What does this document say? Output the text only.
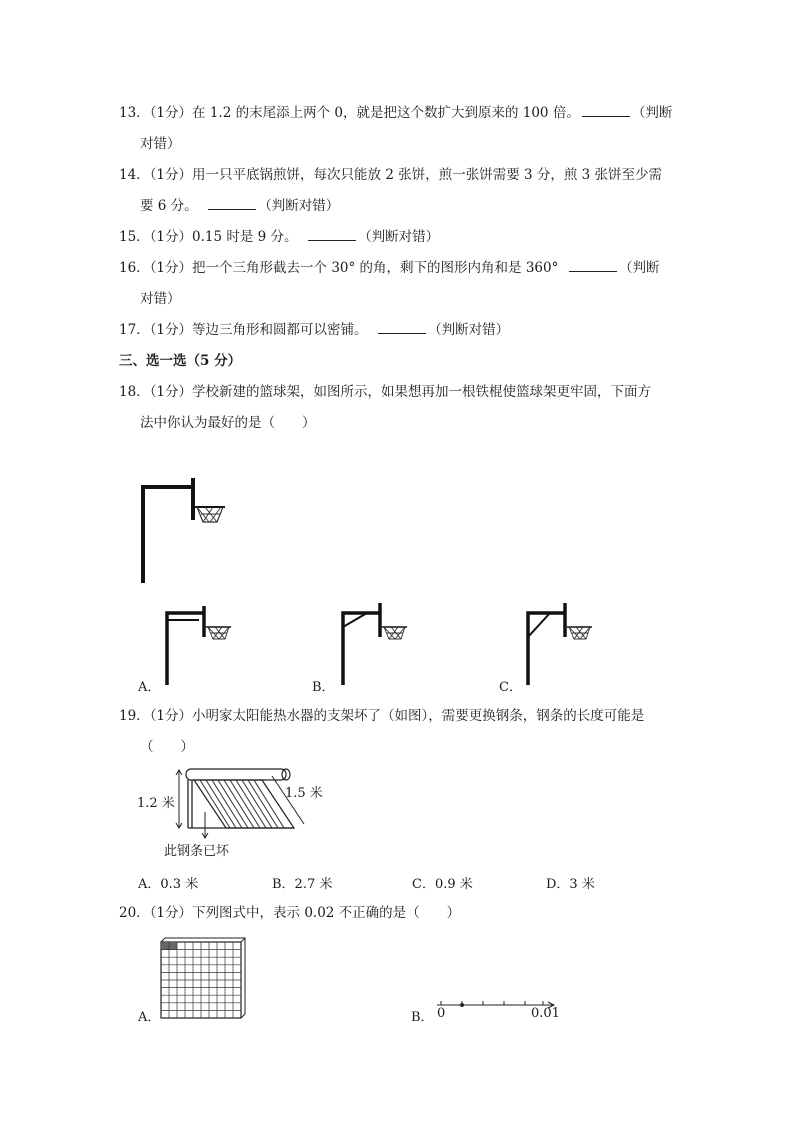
13．（1分）在 1.2 的末尾添上两个 0，就是把这个数扩大到原来的 100 倍。	（判断
对错）
14．（1分）用一只平底锅煎饼，每次只能放 2 张饼，煎一张饼需要 3 分，煎 3 张饼至少需
要 6 分。	（判断对错）
15．（1分）0.15 时是 9 分。	（判断对错）
16．（1分）把一个三角形截去一个 30° 的角，剩下的图形内角和是 360°	（判断
对错）
17．（1分）等边三角形和圆都可以密铺。	（判断对错）
三、选一选（5 分）
18．（1分）学校新建的篮球架，如图所示，如果想再加一根铁棍使篮球架更牢固，下面方
法中你认为最好的是（　　）
A．	B．	C．
19．（1分）小明家太阳能热水器的支架坏了（如图），需要更换钢条，钢条的长度可能是
（　　）
1.2 米
1.5 米
此钢条已坏
A．0.3 米	B．2.7 米	C．0.9 米	D．3 米
20．（1分）下列图式中，表示 0.02 不正确的是（　　）
A．	B． 0	0.01
